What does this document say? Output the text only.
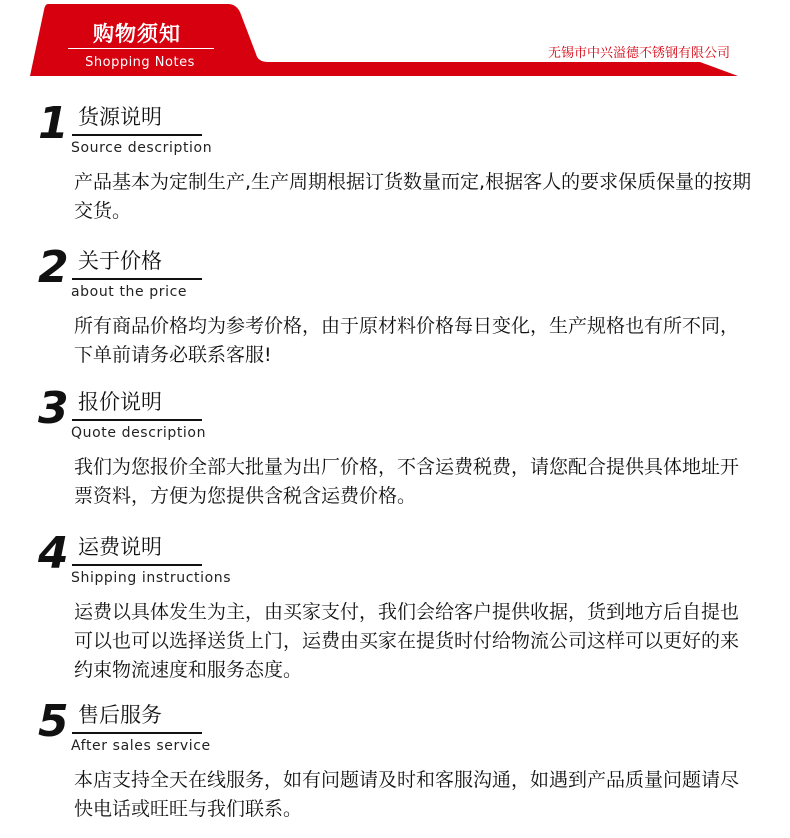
购物须知
Shopping Notes
无锡市中兴溢德不锈钢有限公司
1 货源说明
Source description

产品基本为定制生产,生产周期根据订货数量而定,根据客人的要求保质保量的按期交货。

2 关于价格
about the price

所有商品价格均为参考价格，由于原材料价格每日变化，生产规格也有所不同，下单前请务必联系客服!

3 报价说明
Quote description

我们为您报价全部大批量为出厂价格，不含运费税费，请您配合提供具体地址开票资料，方便为您提供含税含运费价格。

4 运费说明
Shipping instructions

运费以具体发生为主，由买家支付，我们会给客户提供收据，货到地方后自提也可以也可以选择送货上门，运费由买家在提货时付给物流公司这样可以更好的来约束物流速度和服务态度。

5 售后服务
After sales service

本店支持全天在线服务，如有问题请及时和客服沟通，如遇到产品质量问题请尽快电话或旺旺与我们联系。
